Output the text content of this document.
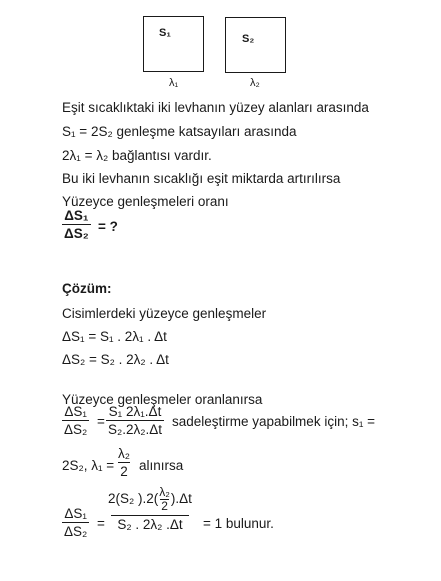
S₁	S₂
λ₁	λ₂
Eşit sıcaklıktaki iki levhanın yüzey alanları arasında
S₁ = 2S₂ genleşme katsayıları arasında
2λ₁ = λ₂ bağlantısı vardır.
Bu iki levhanın sıcaklığı eşit miktarda artırılırsa
Yüzeyce genleşmeleri oranı
$\frac{\text{ΔS₁}}{\text{ΔS₂}}$ = ?
Çözüm:
Cisimlerdeki yüzeyce genleşmeler
ΔS₁ = S₁ . 2λ₁ . Δt
ΔS₂ = S₂ . 2λ₂ . Δt
Yüzeyce genleşmeler oranlanırsa
$\frac{\text{ΔS₁}}{\text{ΔS₂}} = \frac{\text{S₁ 2λ₁.Δt}}{\text{S₂.2λ₂.Δt}}$ sadeleştirme yapabilmek için; s₁ =
2S₂, $\lambda_1 = \frac{\text{λ₂}}{2}$ alınırsa
$\frac{\text{ΔS₁}}{\text{ΔS₂}} = \frac{2(S_2 ).2( \frac{\text{λ₂}}{2} ).\Delta t}{\text{S₂ . 2λ₂ .Δt}} = 1$ bulunur.
